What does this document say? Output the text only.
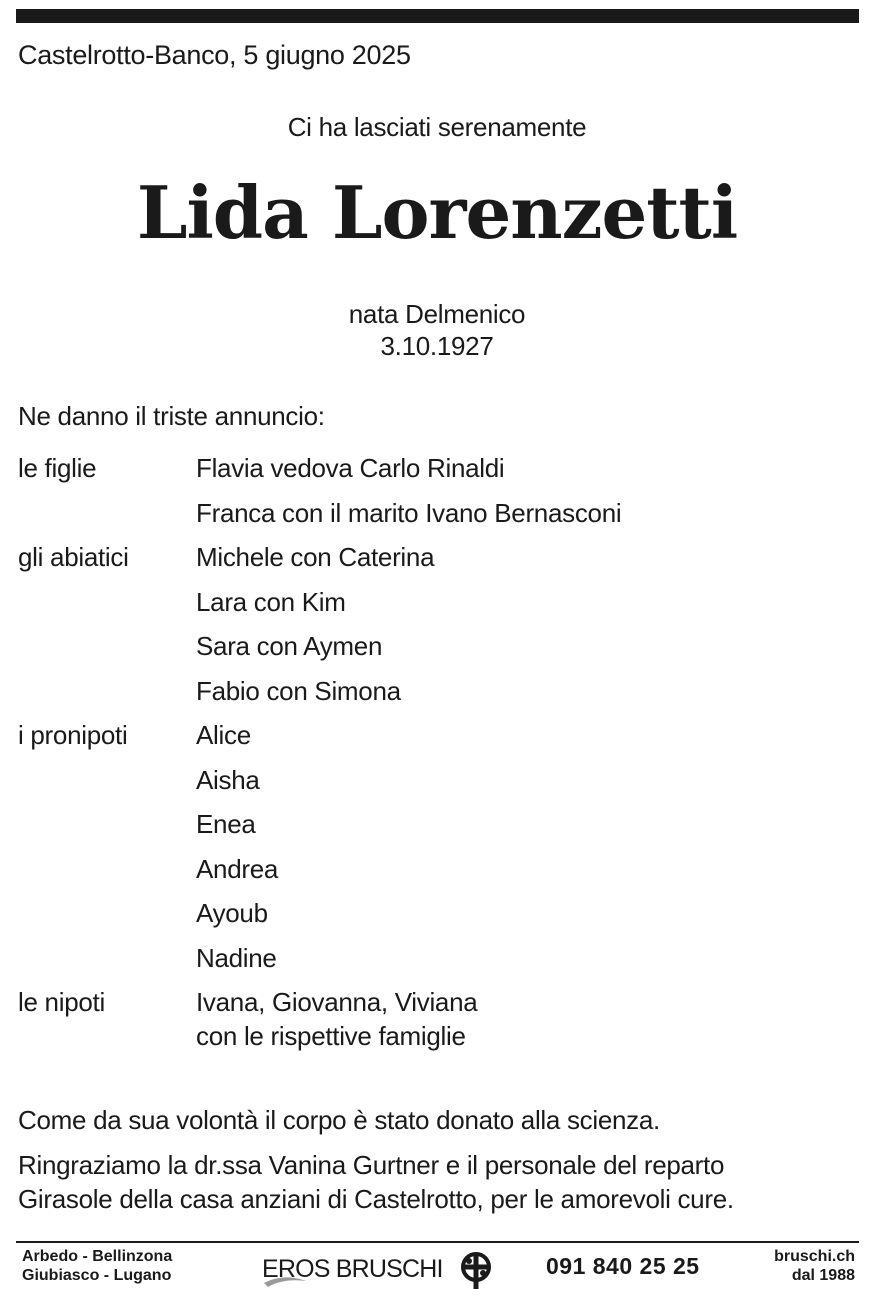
Castelrotto-Banco, 5 giugno 2025
Ci ha lasciati serenamente
Lida Lorenzetti
nata Delmenico
3.10.1927
Ne danno il triste annuncio:
le figlie	Flavia vedova Carlo Rinaldi
Franca con il marito Ivano Bernasconi
gli abiatici	Michele con Caterina
Lara con Kim
Sara con Aymen
Fabio con Simona
i pronipoti	Alice
Aisha
Enea
Andrea
Ayoub
Nadine
le nipoti	Ivana, Giovanna, Viviana
con le rispettive famiglie
Come da sua volontà il corpo è stato donato alla scienza.
Ringraziamo la dr.ssa Vanina Gurtner e il personale del reparto
Girasole della casa anziani di Castelrotto, per le amorevoli cure.
Arbedo - Bellinzona
Giubiasco - Lugano	EROS BRUSCHI	091 840 25 25	bruschi.ch
dal 1988
